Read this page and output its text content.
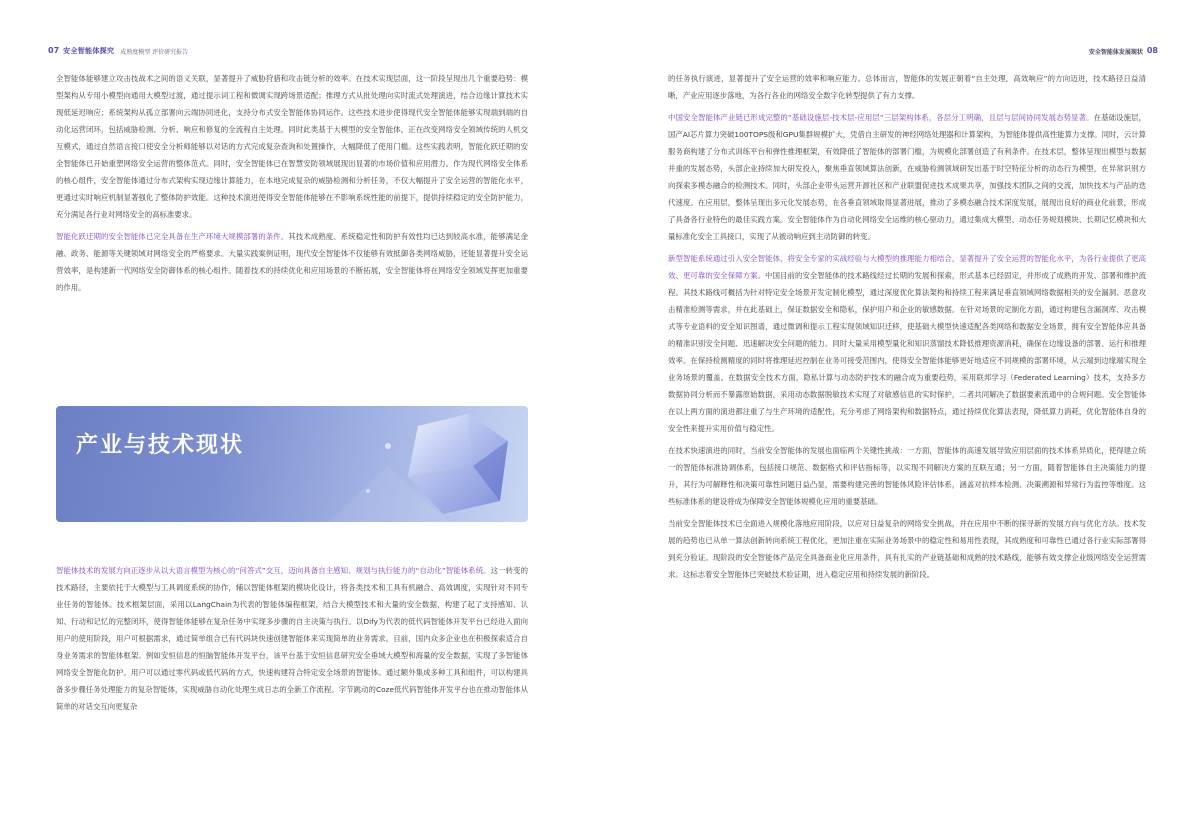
07 安全智能体探究 成熟度模型 评价研究报告

全智能体能够建立攻击技战术之间的语义关联，显著提升了威胁狩猎和攻击链分析的效率。在技术实现层面，这一阶段呈现出几个重要趋势：模型架构从专用小模型向通用大模型过渡，通过提示词工程和微调实现跨场景适配；推理方式从批处理向实时流式处理演进，结合边缘计算技术实现低延迟响应；系统架构从孤立部署向云端协同进化，支持分布式安全智能体协同运作。这些技术进步使得现代安全智能体能够实现端到端的自动化运营闭环，包括威胁检测、分析、响应和修复的全流程自主处理。同时此类基于大模型的安全智能体，正在改变网络安全领域传统的人机交互模式，通过自然语言接口使安全分析师能够以对话的方式完成复杂查询和处置操作，大幅降低了使用门槛。这些实践表明，智能化跃迁期的安全智能体已开始重塑网络安全运营的整体范式。同时，安全智能体已在智慧安防领域展现出显著的市场价值和应用潜力。作为现代网络安全体系的核心组件，安全智能体通过分布式架构实现边缘计算能力，在本地完成复杂的威胁检测和分析任务，不仅大幅提升了安全运营的智能化水平，更通过实时响应机制显著强化了整体防护效能。这种技术演进使得安全智能体能够在不影响系统性能的前提下，提供持续稳定的安全防护能力，充分满足各行业对网络安全的高标准要求。

智能化跃迁期的安全智能体已完全具备在生产环境大规模部署的条件。其技术成熟度、系统稳定性和防护有效性均已达到较高水准，能够满足金融、政务、能源等关键领域对网络安全的严格要求。大量实践案例证明，现代安全智能体不仅能够有效抵御各类网络威胁，还能显著提升安全运营效率，是构建新一代网络安全防御体系的核心组件。随着技术的持续优化和应用场景的不断拓展，安全智能体将在网络安全领域发挥更加重要的作用。

产业与技术现状

智能体技术的发展方向正逐步从以大语言模型为核心的“问答式”交互，迈向具备自主感知、规划与执行能力的“自动化”智能体系统。这一转变的技术路径，主要依托于大模型与工具调度系统的协作，辅以智能体框架的模块化设计，将各类技术和工具有机融合、高效调度，实现针对不同专业任务的智能体。技术框架层面，采用以LangChain为代表的智能体编程框架，结合大模型技术和大量的安全数据，构建了起了支持感知、认知、行动和记忆的完整闭环，使得智能体能够在复杂任务中实现多步骤的自主决策与执行。以Dify为代表的低代码智能体开发平台已经进入面向用户的使用阶段，用户可根据需求，通过简单组合已有代码块快速创建智能体来实现简单的业务需求。目前，国内众多企业也在积极探索适合自身业务需求的智能体框架。例如安恒信息的恒脑智能体开发平台，该平台基于安恒信息研究安全垂域大模型和海量的安全数据，实现了多智能体网络安全智能化防护。用户可以通过零代码或低代码的方式，快速构建符合特定安全场景的智能体。通过额外集成多种工具和组件，可以构建具备多步骤任务处理能力的复杂智能体，实现威胁自动化处理生成日志的全新工作流程。字节跳动的Coze低代码智能体开发平台也在推动智能体从简单的对话交互向更复杂

安全智能体发展现状 08

的任务执行演进，显著提升了安全运营的效率和响应能力。总体而言，智能体的发展正朝着“自主处理，高效响应”的方向迈进，技术路径日益清晰，产业应用逐步落地，为各行各业的网络安全数字化转型提供了有力支撑。

中国安全智能体产业链已形成完整的“基础设施层-技术层-应用层”三层架构体系，各层分工明确，且层与层间协同发展态势显著。在基础设施层，国产AI芯片算力突破100TOPS级和GPU集群规模扩大，凭借自主研发的神经网络处理器和计算架构，为智能体提供高性能算力支撑。同时，云计算服务商构建了分布式训练平台和弹性推理框架，有效降低了智能体的部署门槛，为规模化部署创造了有利条件。在技术层，整体呈现出模型与数据并重的发展态势，头部企业持续加大研发投入，聚焦垂直领域算法创新，在威胁检测领域研发出基于时空特征分析的动态行为模型，在异常识别方向探索多模态融合的检测技术。同时，头部企业带头运营开源社区和产业联盟促进技术成果共享，加强技术团队之间的交流，加快技术与产品的迭代速度。在应用层，整体呈现出多元化发展态势，在各垂直领域取得显著进展，推动了多模态融合技术深度发展，展现出良好的商业化前景，形成了具备各行业特色的最佳实践方案。安全智能体作为自动化网络安全运维的核心驱动力，通过集成大模型、动态任务规划模块、长期记忆模块和大量标准化安全工具接口，实现了从被动响应到主动防御的转变。

新型智能系统通过引入安全智能体，将安全专家的实战经验与大模型的推理能力相结合，显著提升了安全运营的智能化水平，为各行业提供了更高效、更可靠的安全保障方案。中国目前的安全智能体的技术路线经过长期的发展和探索，形式基本已经固定，并形成了成熟的开发、部署和维护流程。其技术路线可概括为针对特定安全场景开发定制化模型，通过深度优化算法架构和持续工程来满足垂直领域网络数据相关的安全漏洞、恶意攻击精准检测等需求，并在此基础上，保证数据安全和隐私，保护用户和企业的敏感数据。在针对场景的定制化方面，通过构建包含漏洞库、攻击模式等专业语料的安全知识图谱，通过微调和提示工程实现领域知识迁移，使基础大模型快速适配各类网络和数据安全场景，拥有安全智能体应具备的精准识别安全问题、迅速解决安全问题的能力。同时大量采用模型量化和知识蒸馏技术降低推理资源消耗，确保在边缘设备的部署、运行和推理效率。在保持检测精度的同时将推理延迟控制在业务可接受范围内，使得安全智能体能够更好地适应不同规模的部署环境，从云端到边缘端实现全业务场景的覆盖。在数据安全技术方面，隐私计算与动态防护技术的融合成为重要趋势，采用联邦学习（Federated Learning）技术，支持多方数据协同分析而不暴露原始数据，采用动态数据脱敏技术实现了对敏感信息的实时保护，二者共同解决了数据要素流通中的合规问题。安全智能体在以上两方面的演进都注重了与生产环境的适配性，充分考虑了网络架构和数据特点，通过持续优化算法表现，降低算力消耗，优化智能体自身的安全性来提升实用价值与稳定性。

在技术快速演进的同时，当前安全智能体的发展也面临两个关键性挑战：一方面，智能体的高速发展导致应用层面的技术体系异质化，使得建立统一的智能体标准协调体系，包括接口规范、数据格式和评估指标等，以实现不同解决方案的互联互通；另一方面，随着智能体自主决策能力的提升，其行为可解释性和决策可靠性问题日益凸显，需要构建完善的智能体风险评估体系，涵盖对抗样本检测、决策溯源和异常行为监控等维度。这些标准体系的建设将成为保障安全智能体规模化应用的重要基础。

当前安全智能体技术已全面进入规模化落地应用阶段，以应对日益复杂的网络安全挑战，并在应用中不断的探寻新的发展方向与优化方法。技术发展的趋势也已从单一算法创新转向系统工程优化，更加注重在实际业务场景中的稳定性和易用性表现，其成熟度和可靠性已通过各行业实际部署得到充分验证。现阶段的安全智能体产品完全具备商业化应用条件，具有扎实的产业链基础和成熟的技术路线，能够有效支撑企业级网络安全运营需求。这标志着安全智能体已突破技术验证期，进入稳定应用和持续发展的新阶段。
